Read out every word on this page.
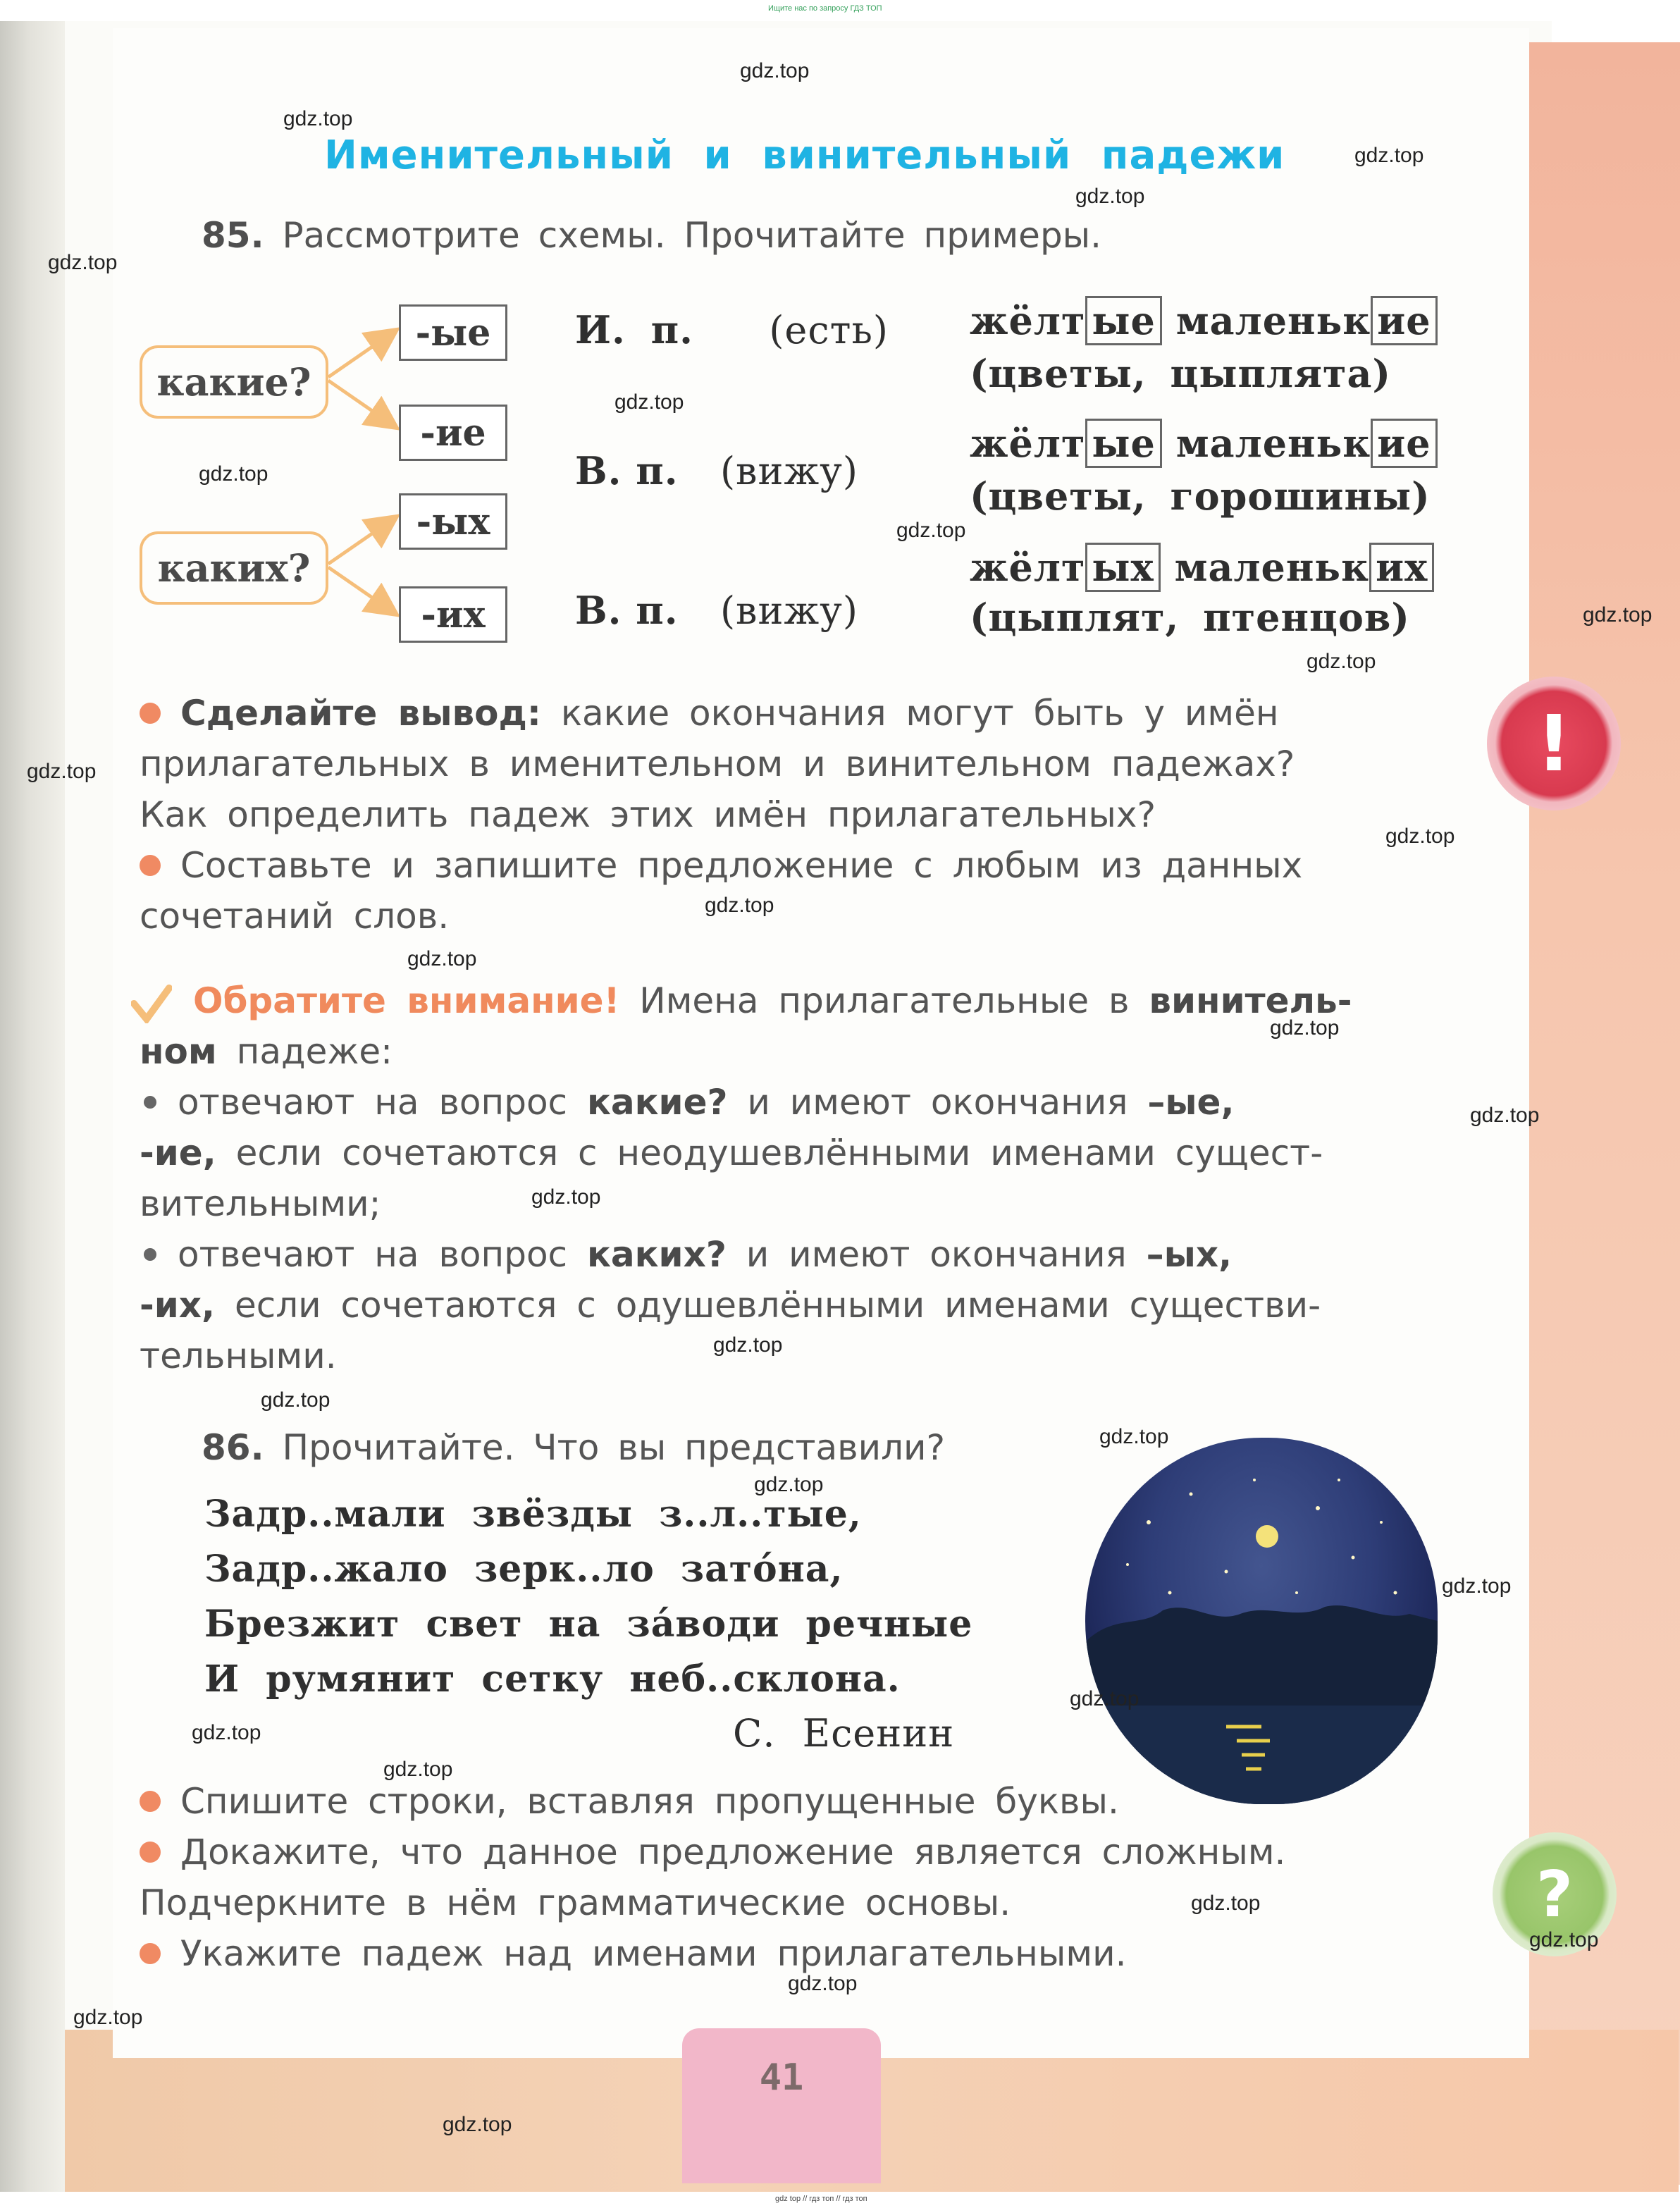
41
Ищите нас по запросу ГДЗ ТОП
gdz top // гдз топ // гдз топ
Именительный и винительный падежи
85. Рассмотрите схемы. Прочитайте примеры.
какие?
каких?
-ые
-ие
-ых
-их
И. п. (есть)
В. п. (вижу)
В. п. (вижу)
жёлт ые маленьк ие
(цветы, цыплята)
жёлт ые маленьк ие
(цветы, горошины)
жёлт ых маленьк их
(цыплят, птенцов)
Сделайте вывод: какие окончания могут быть у имён
прилагательных в именительном и винительном падежах?
Как определить падеж этих имён прилагательных?
Составьте и запишите предложение с любым из данных
сочетаний слов.
Обратите внимание! Имена прилагательные в винитель-
ном падеже:
отвечают на вопрос какие? и имеют окончания –ые,
-ие, если сочетаются с неодушевлёнными именами сущест-
вительными;
отвечают на вопрос каких? и имеют окончания –ых,
-их, если сочетаются с одушевлёнными именами существи-
тельными.
86. Прочитайте. Что вы представили?
Задр..мали звёзды з..л..тые,
Задр..жало зерк..ло затóна,
Брезжит свет на зáводи речные
И румянит сетку неб..склона.
С. Есенин
Спишите строки, вставляя пропущенные буквы.
Докажите, что данное предложение является сложным.
Подчеркните в нём грамматические основы.
Укажите падеж над именами прилагательными.
!
?
gdz.top
gdz.top
gdz.top
gdz.top
gdz.top
gdz.top
gdz.top
gdz.top
gdz.top
gdz.top
gdz.top
gdz.top
gdz.top
gdz.top
gdz.top
gdz.top
gdz.top
gdz.top
gdz.top
gdz.top
gdz.top
gdz.top
gdz.top
gdz.top
gdz.top
gdz.top
gdz.top
gdz.top
gdz.top
gdz.top
